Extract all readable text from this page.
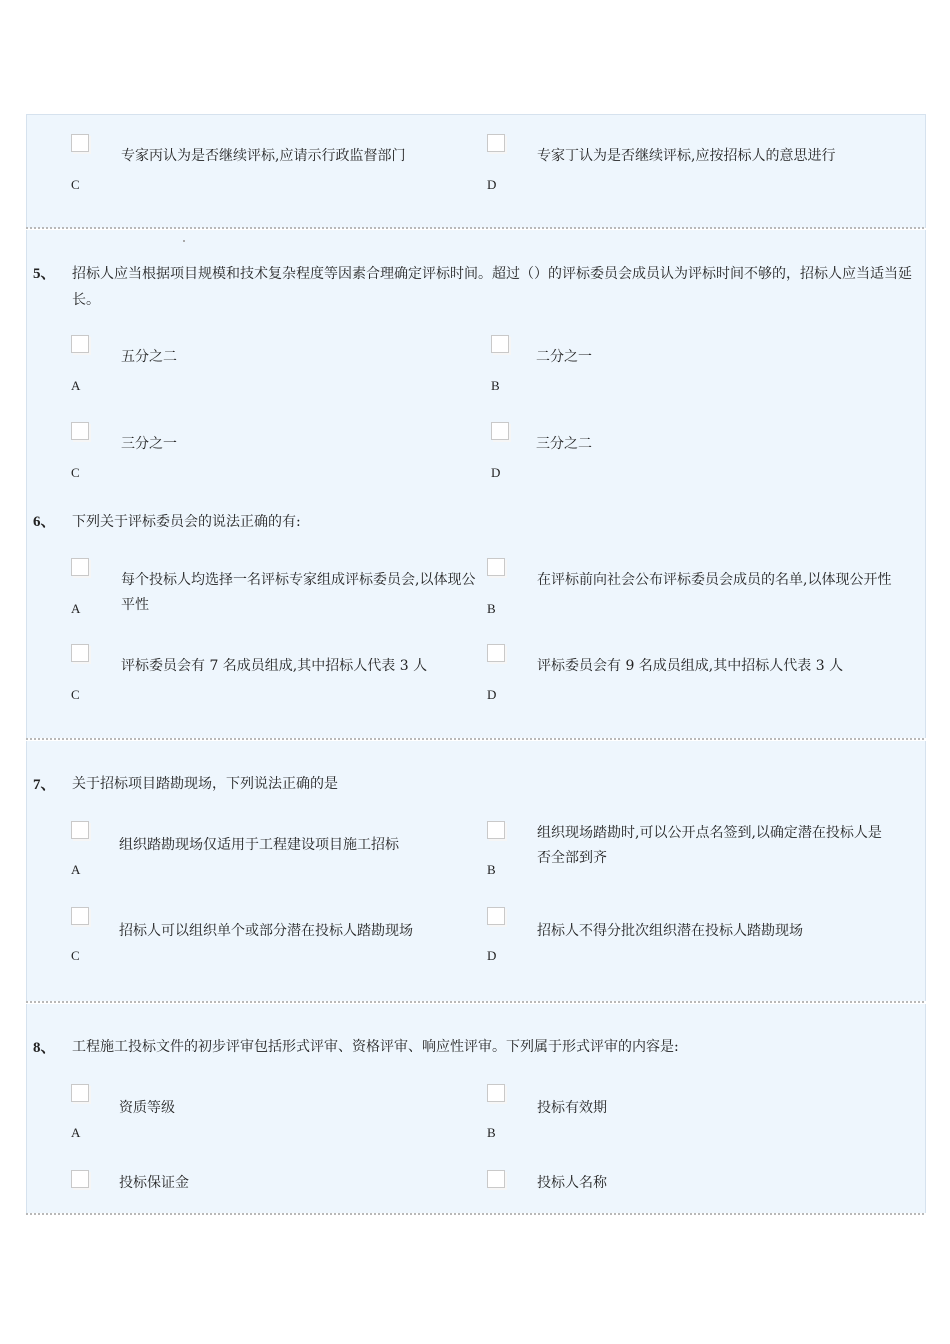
专家丙认为是否继续评标,应请示行政监督部门
C
专家丁认为是否继续评标,应按招标人的意思进行
D
5、 招标人应当根据项目规模和技术复杂程度等因素合理确定评标时间。超过（）的评标委员会成员认为评标时间不够的，招标人应当适当延长。
五分之二
A
二分之一
B
三分之一
C
三分之二
D
6、 下列关于评标委员会的说法正确的有:
每个投标人均选择一名评标专家组成评标委员会,以体现公平性
A
在评标前向社会公布评标委员会成员的名单,以体现公开性
B
评标委员会有 7 名成员组成,其中招标人代表 3 人
C
评标委员会有 9 名成员组成,其中招标人代表 3 人
D
7、 关于招标项目踏勘现场，下列说法正确的是
组织踏勘现场仅适用于工程建设项目施工招标
A
组织现场踏勘时,可以公开点名签到,以确定潜在投标人是否全部到齐
B
招标人可以组织单个或部分潜在投标人踏勘现场
C
招标人不得分批次组织潜在投标人踏勘现场
D
8、 工程施工投标文件的初步评审包括形式评审、资格评审、响应性评审。下列属于形式评审的内容是:
资质等级
A
投标有效期
B
投标保证金	投标人名称
